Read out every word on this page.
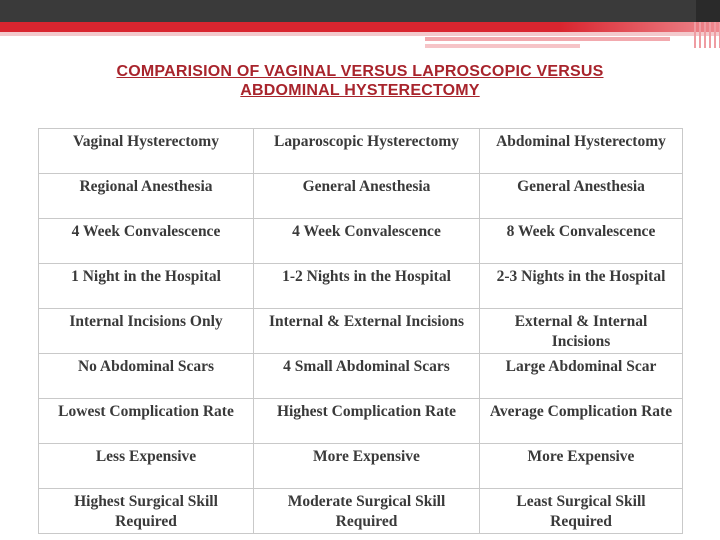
COMPARISION OF VAGINAL VERSUS LAPROSCOPIC VERSUS
ABDOMINAL HYSTERECTOMY
Vaginal Hysterectomy	Laparoscopic Hysterectomy	Abdominal Hysterectomy
Regional Anesthesia	General Anesthesia	General Anesthesia
4 Week Convalescence	4 Week Convalescence	8 Week Convalescence
1 Night in the Hospital	1-2 Nights in the Hospital	2-3 Nights in the Hospital
Internal Incisions Only	Internal & External Incisions	External & Internal Incisions
No Abdominal Scars	4 Small Abdominal Scars	Large Abdominal Scar
Lowest Complication Rate	Highest Complication Rate	Average Complication Rate
Less Expensive	More Expensive	More Expensive
Highest Surgical Skill Required	Moderate Surgical Skill Required	Least Surgical Skill Required
